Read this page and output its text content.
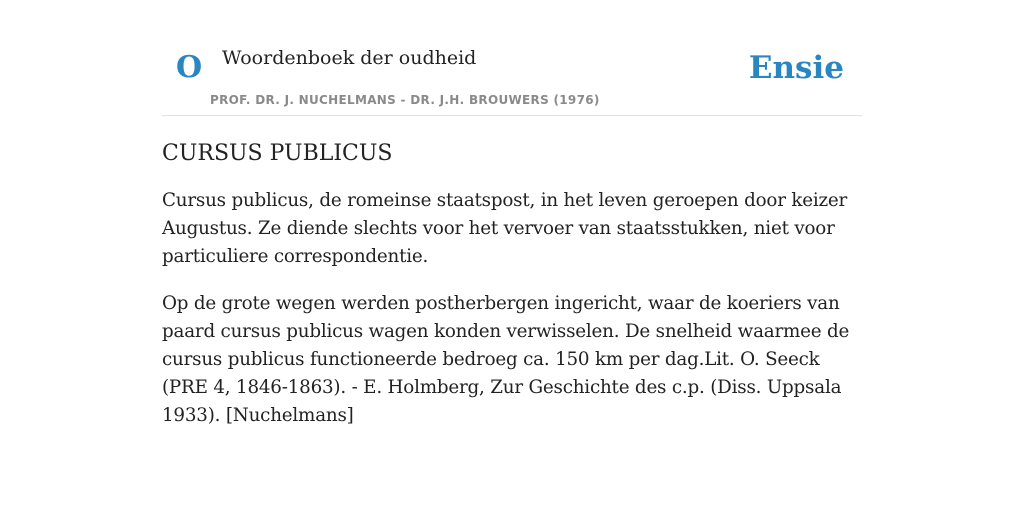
O Woordenboek der oudheid
PROF. DR. J. NUCHELMANS - DR. J.H. BROUWERS (1976)
Ensie
CURSUS PUBLICUS

Cursus publicus, de romeinse staatspost, in het leven geroepen door keizer Augustus. Ze diende slechts voor het vervoer van staatsstukken, niet voor particuliere correspondentie.

Op de grote wegen werden postherbergen ingericht, waar de koeriers van paard cursus publicus wagen konden verwisselen. De snelheid waarmee de cursus publicus functioneerde bedroeg ca. 150 km per dag.Lit. O. Seeck (PRE 4, 1846-1863). - E. Holmberg, Zur Geschichte des c.p. (Diss. Uppsala 1933). [Nuchelmans]
